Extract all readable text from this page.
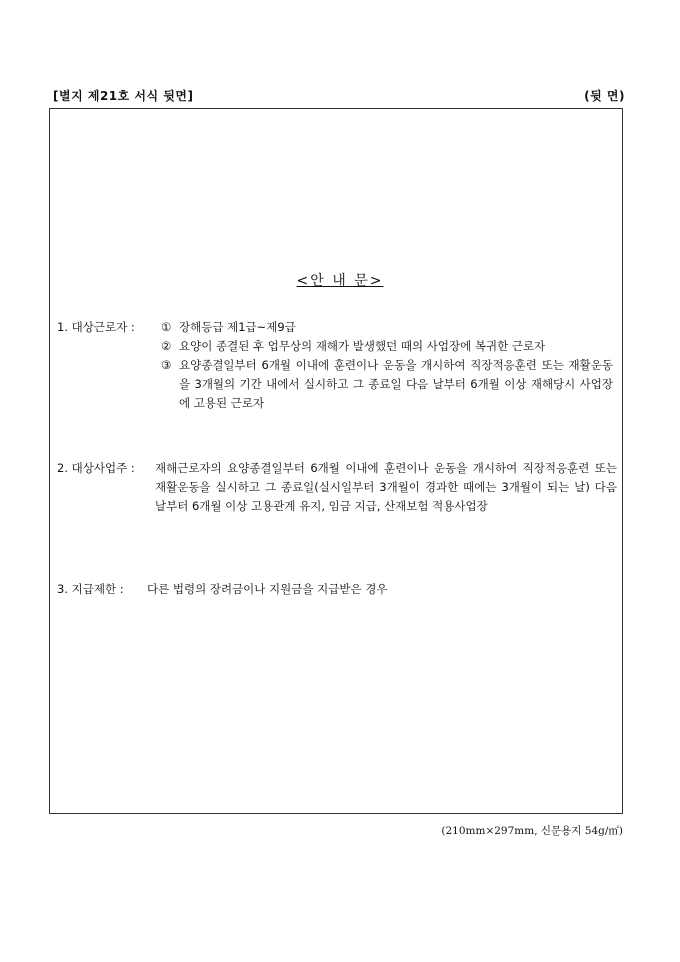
[별지 제21호 서식 뒷면]	(뒷 면)
<안 내 문>
1. 대상근로자 : ① 장해등급 제1급~제9급
② 요양이 종결된 후 업무상의 재해가 발생했던 때의 사업장에 복귀한 근로자
③ 요양종결일부터 6개월 이내에 훈련이나 운동을 개시하여 직장적응훈련 또는 재활운동을 3개월의 기간 내에서 실시하고 그 종료일 다음 날부터 6개월 이상 재해당시 사업장에 고용된 근로자
2. 대상사업주 : 재해근로자의 요양종결일부터 6개월 이내에 훈련이나 운동을 개시하여 직장적응훈련 또는 재활운동을 실시하고 그 종료일(실시일부터 3개월이 경과한 때에는 3개월이 되는 날) 다음 날부터 6개월 이상 고용관계 유지, 임금 지급, 산재보험 적용사업장
3. 지급제한 : 다른 법령의 장려금이나 지원금을 지급받은 경우
(210mm×297mm, 신문용지 54g/㎡)
